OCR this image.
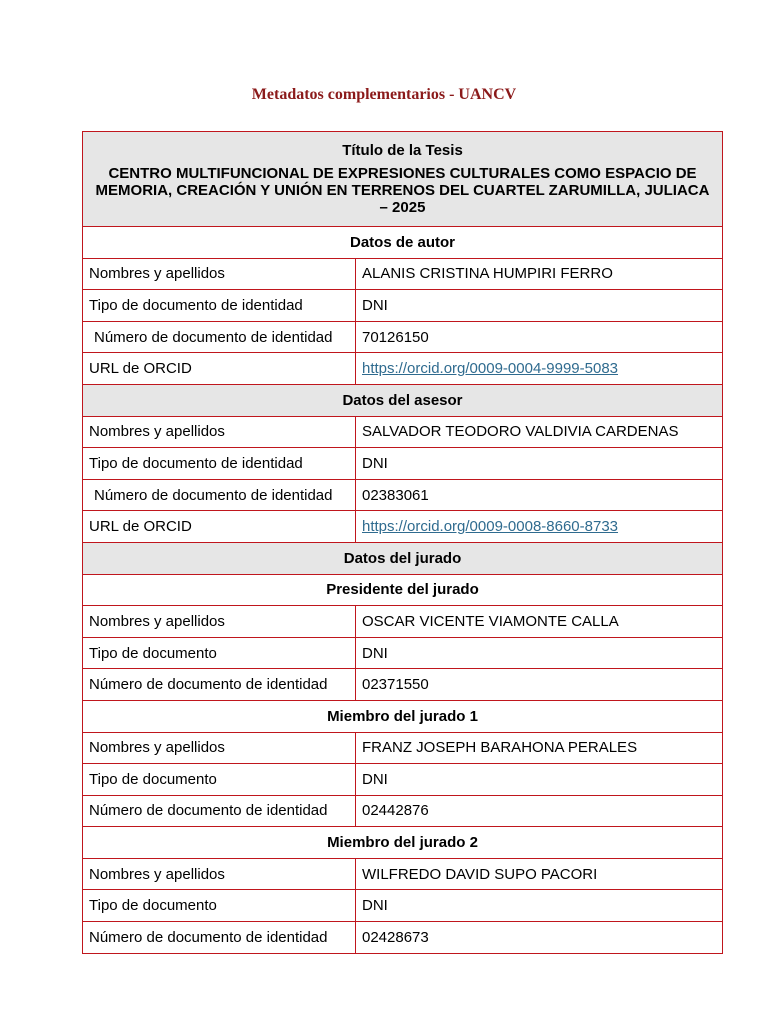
Metadatos complementarios - UANCV
Título de la Tesis
CENTRO MULTIFUNCIONAL DE EXPRESIONES CULTURALES COMO ESPACIO DE MEMORIA, CREACIÓN Y UNIÓN EN TERRENOS DEL CUARTEL ZARUMILLA, JULIACA – 2025	

Datos de autor	
Nombres y apellidos	ALANIS CRISTINA HUMPIRI FERRO
Tipo de documento de identidad	DNI
Número de documento de identidad	70126150
URL de ORCID	https://orcid.org/0009-0004-9999-5083
Datos del asesor	
Nombres y apellidos	SALVADOR TEODORO VALDIVIA CARDENAS
Tipo de documento de identidad	DNI
Número de documento de identidad	02383061
URL de ORCID	https://orcid.org/0009-0008-8660-8733
Datos del jurado	
Presidente del jurado	
Nombres y apellidos	OSCAR VICENTE VIAMONTE CALLA
Tipo de documento	DNI
Número de documento de identidad	02371550
Miembro del jurado 1	
Nombres y apellidos	FRANZ JOSEPH BARAHONA PERALES
Tipo de documento	DNI
Número de documento de identidad	02442876
Miembro del jurado 2	
Nombres y apellidos	WILFREDO DAVID SUPO PACORI
Tipo de documento	DNI
Número de documento de identidad	02428673
